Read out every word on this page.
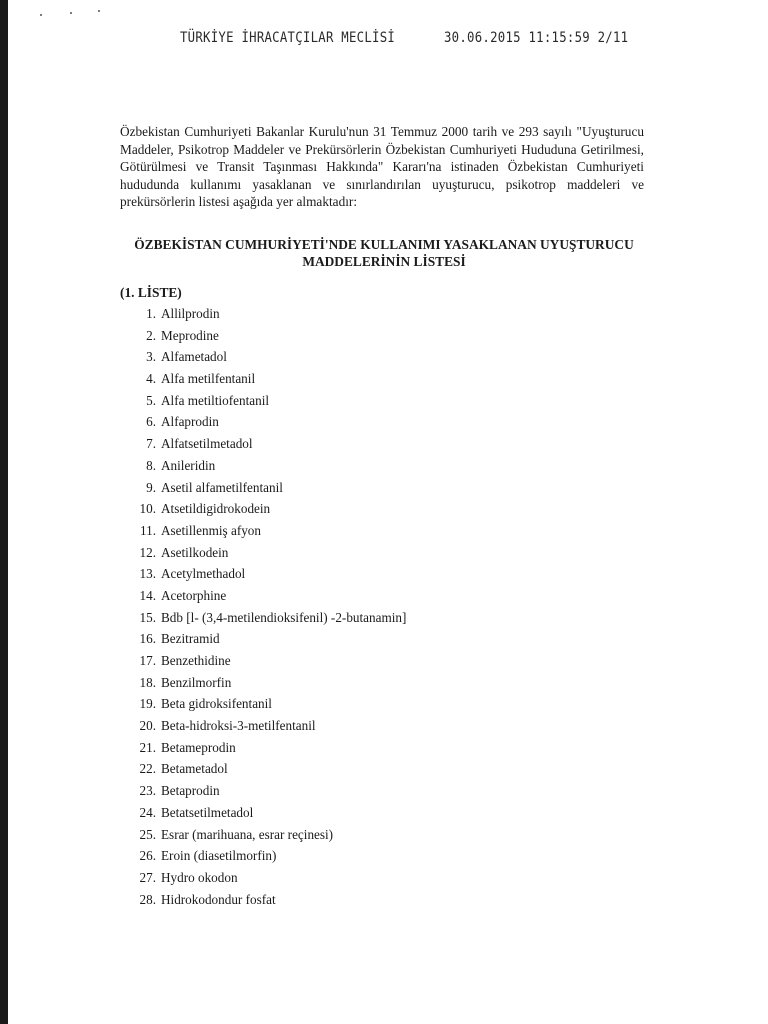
TÜRKİYE İHRACATÇILAR MECLİSİ	30.06.2015 11:15:59 2/11

Özbekistan Cumhuriyeti Bakanlar Kurulu'nun 31 Temmuz 2000 tarih ve 293 sayılı "Uyuşturucu Maddeler, Psikotrop Maddeler ve Prekürsörlerin Özbekistan Cumhuriyeti Hududuna Getirilmesi, Götürülmesi ve Transit Taşınması Hakkında" Kararı'na istinaden Özbekistan Cumhuriyeti hududunda kullanımı yasaklanan ve sınırlandırılan uyuşturucu, psikotrop maddeleri ve prekürsörlerin listesi aşağıda yer almaktadır:

ÖZBEKİSTAN CUMHURİYETİ'NDE KULLANIMI YASAKLANAN UYUŞTURUCU
MADDELERİNİN LİSTESİ
(1. LİSTE)
1. Allilprodin
2. Meprodine
3. Alfametadol
4. Alfa metilfentanil
5. Alfa metiltiofentanil
6. Alfaprodin
7. Alfatsetilmetadol
8. Anileridin
9. Asetil alfametilfentanil
10. Atsetildigidrokodein
11. Asetillenmiş afyon
12. Asetilkodein
13. Acetylmethadol
14. Acetorphine
15. Bdb [l- (3,4-metilendioksifenil) -2-butanamin]
16. Bezitramid
17. Benzethidine
18. Benzilmorfin
19. Beta gidroksifentanil
20. Beta-hidroksi-3-metilfentanil
21. Betameprodin
22. Betametadol
23. Betaprodin
24. Betatsetilmetadol
25. Esrar (marihuana, esrar reçinesi)
26. Eroin (diasetilmorfin)
27. Hydro okodon
28. Hidrokodondur fosfat
